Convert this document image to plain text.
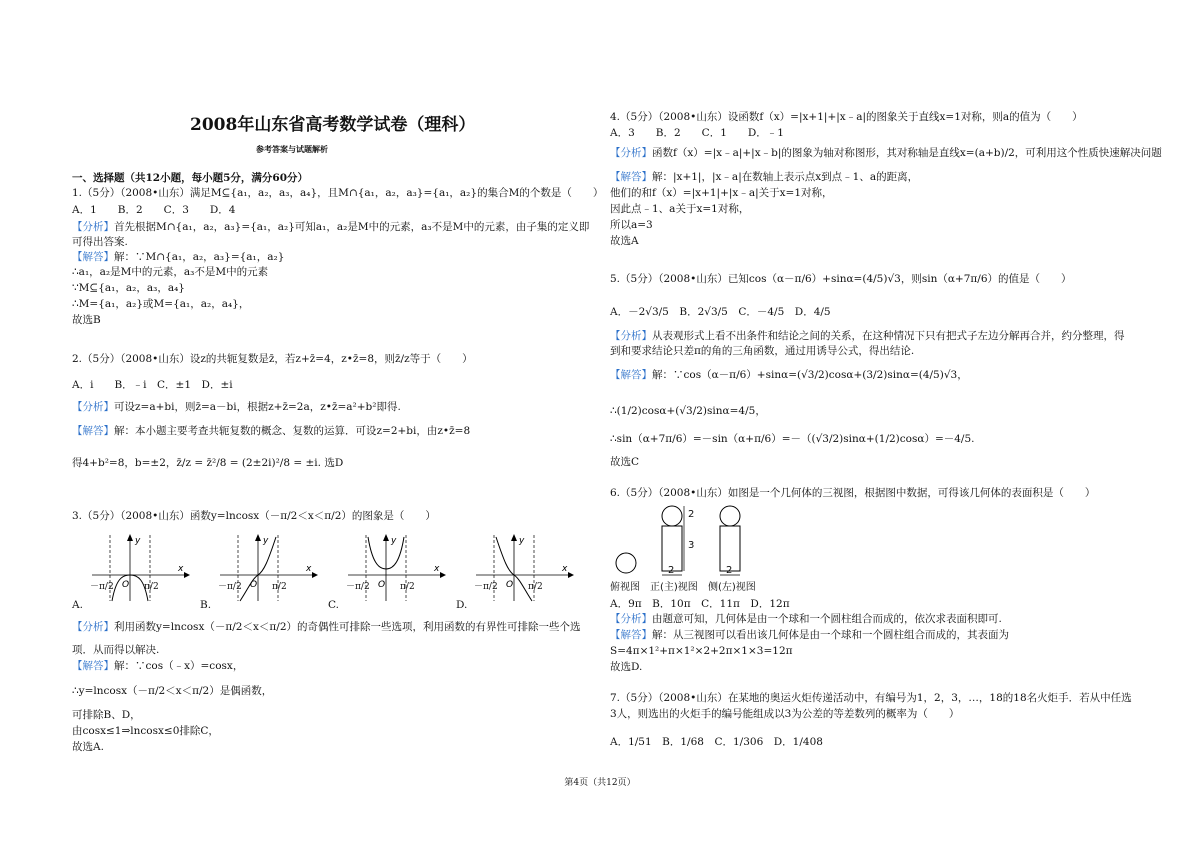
2008年山东省高考数学试卷（理科）
参考答案与试题解析
一、选择题（共12小题，每小题5分，满分60分）
1.（5分）（2008•山东）满足M⊆{a₁，a₂，a₃，a₄}，且M∩{a₁，a₂，a₃}={a₁，a₂}的集合M的个数是（　　）
A．1　　B．2　　C．3　　D．4
【分析】首先根据M∩{a₁，a₂，a₃}={a₁，a₂}可知a₁，a₂是M中的元素，a₃不是M中的元素，由子集的定义即
可得出答案.
【解答】解：∵M∩{a₁，a₂，a₃}={a₁，a₂}
∴a₁，a₂是M中的元素，a₃不是M中的元素
∵M⊆{a₁，a₂，a₃，a₄}
∴M={a₁，a₂}或M={a₁，a₂，a₄}，
故选B
2.（5分）（2008•山东）设z的共轭复数是z̄，若z+z̄=4，z•z̄=8，则z̄/z等于（　　）
A．i　　B．﹣i　C．±1　D．±i
【分析】可设z=a+bi，则z̄=a－bi，根据z+z̄=2a，z•z̄=a²+b²即得.
【解答】解：本小题主要考查共轭复数的概念、复数的运算．可设z=2+bi，由z•z̄=8
得4+b²=8，b=±2，z̄/z = z̄²/8 = (2±2i)²/8 = ±i. 选D
3.（5分）（2008•山东）函数y=lncosx（－π/2＜x＜π/2）的图象是（　　）
y
x
O
y
x
O
y
x
O
y
x
O
－π/2	π/2	－π/2	π/2	－π/2	π/2	－π/2	π/2
A.	B.	C.	D.
【分析】利用函数y=lncosx（－π/2＜x＜π/2）的奇偶性可排除一些选项，利用函数的有界性可排除一些个选
项．从而得以解决.
【解答】解：∵cos（﹣x）=cosx，
∴y=lncosx（－π/2＜x＜π/2）是偶函数，
可排除B、D，
由cosx≤1⇒lncosx≤0排除C，
故选A.
4.（5分）（2008•山东）设函数f（x）=|x+1|+|x﹣a|的图象关于直线x=1对称，则a的值为（　　）
A．3　　B．2　　C．1　　D．﹣1
【分析】函数f（x）=|x﹣a|+|x﹣b|的图象为轴对称图形，其对称轴是直线x=(a+b)/2，可利用这个性质快速解决问题
【解答】解：|x+1|，|x﹣a|在数轴上表示点x到点﹣1、a的距离，
他们的和f（x）=|x+1|+|x﹣a|关于x=1对称，
因此点﹣1、a关于x=1对称，
所以a=3
故选A
5.（5分）（2008•山东）已知cos（α－π/6）+sinα=(4/5)√3，则sin（α+7π/6）的值是（　　）
A．－2√3/5　B．2√3/5　C．－4/5　D．4/5
【分析】从表观形式上看不出条件和结论之间的关系，在这种情况下只有把式子左边分解再合并，约分整理，得
到和要求结论只差π的角的三角函数，通过用诱导公式，得出结论.
【解答】解：∵cos（α－π/6）+sinα=(√3/2)cosα+(3/2)sinα=(4/5)√3，
∴(1/2)cosα+(√3/2)sinα=4/5，
∴sin（α+7π/6）=－sin（α+π/6）=－（(√3/2)sinα+(1/2)cosα）=－4/5.
故选C
6.（5分）（2008•山东）如图是一个几何体的三视图，根据图中数据，可得该几何体的表面积是（　　）
2
3
2	2
俯视图 正(主)视图 侧(左)视图
A．9π　B．10π　C．11π　D．12π
【分析】由题意可知，几何体是由一个球和一个圆柱组合而成的，依次求表面积即可.
【解答】解：从三视图可以看出该几何体是由一个球和一个圆柱组合而成的，其表面为
S=4π×1²+π×1²×2+2π×1×3=12π
故选D.
7.（5分）（2008•山东）在某地的奥运火炬传递活动中，有编号为1，2，3，…，18的18名火炬手．若从中任选
3人，则选出的火炬手的编号能组成以3为公差的等差数列的概率为（　　）
A．1/51　B．1/68　C．1/306　D．1/408
第4页（共12页）
